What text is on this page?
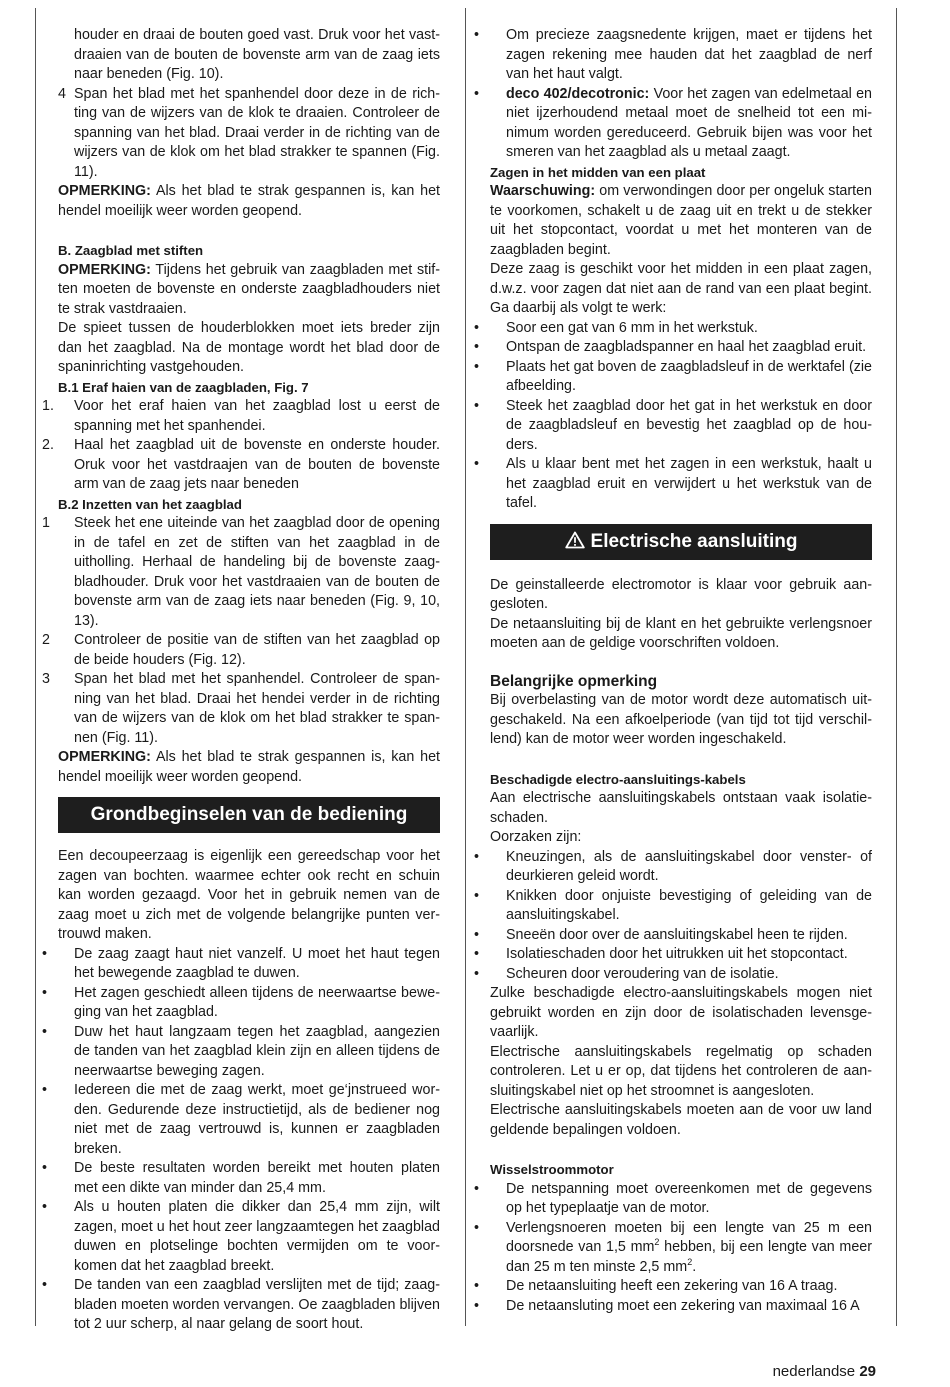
houder en draai de bouten goed vast. Druk voor het vastdraaien van de bouten de bovenste arm van de zaag iets naar beneden (Fig. 10).

4 Span het blad met het spanhendel door deze in de richting van de wijzers van de klok te draaien. Controleer de spanning van het blad. Draai verder in de richting van de wijzers van de klok om het blad strakker te spannen (Fig. 11).

OPMERKING: Als het blad te strak gespannen is, kan het hendel moeilijk weer worden geopend.

B. Zaagblad met stiften

OPMERKING: Tijdens het gebruik van zaagbladen met stiften moeten de bovenste en onderste zaagbladhouders niet te strak vastdraaien.

De spieet tussen de houderblokken moet iets breder zijn dan het zaagblad. Na de montage wordt het blad door de spaninrichting vastgehouden.

B.1 Eraf haien van de zaagbladen, Fig. 7

1. Voor het eraf haien van het zaagblad lost u eerst de spanning met het spanhendei.

2. Haal het zaagblad uit de bovenste en onderste houder. Oruk voor het vastdraajen van de bouten de bovenste arm van de zaag jets naar beneden

B.2 Inzetten van het zaagblad

1 Steek het ene uiteinde van het zaagblad door de opening in de tafel en zet de stiften van het zaagblad in de uitholling. Herhaal de handeling bij de bovenste zaagbladhouder. Druk voor het vastdraaien van de bouten de bovenste arm van de zaag iets naar beneden (Fig. 9, 10, 13).

2 Controleer de positie van de stiften van het zaagblad op de beide houders (Fig. 12).

3 Span het blad met het spanhendel. Controleer de spanning van het blad. Draai het hendei verder in de richting van de wijzers van de klok om het blad strakker te spannen (Fig. 11).

OPMERKING: Als het blad te strak gespannen is, kan het hendel moeilijk weer worden geopend.

Grondbeginselen van de bediening

Een decoupeerzaag is eigenlijk een gereedschap voor het zagen van bochten. waarmee echter ook recht en schuin kan worden gezaagd. Voor het in gebruik nemen van de zaag moet u zich met de volgende belangrijke punten vertrouwd maken.

• De zaag zaagt haut niet vanzelf. U moet het haut tegen het bewegende zaagblad te duwen.

• Het zagen geschiedt alleen tijdens de neerwaartse beweging van het zaagblad.

• Duw het haut langzaam tegen het zaagblad, aangezien de tanden van het zaagblad klein zijn en alleen tijdens de neerwaartse beweging zagen.

• Iedereen die met de zaag werkt, moet ge‘jnstrueed worden. Gedurende deze instructietijd, als de bediener nog niet met de zaag vertrouwd is, kunnen er zaagbladen breken.

• De beste resultaten worden bereikt met houten platen met een dikte van minder dan 25,4 mm.

• Als u houten platen die dikker dan 25,4 mm zijn, wilt zagen, moet u het hout zeer langzaamtegen het zaagblad duwen en plotselinge bochten vermijden om te voorkomen dat het zaagblad breekt.

• De tanden van een zaagblad verslijten met de tijd; zaagbladen moeten worden vervangen. Oe zaagbladen blijven tot 2 uur scherp, al naar gelang de soort hout.

• Om precieze zaagsnedente krijgen, maet er tijdens het zagen rekening mee hauden dat het zaagblad de nerf van het haut valgt.

• deco 402/decotronic: Voor het zagen van edelmetaal en niet ijzerhoudend metaal moet de snelheid tot een minimum worden gereduceerd. Gebruik bijen was voor het smeren van het zaagblad als u metaal zaagt.

Zagen in het midden van een plaat

Waarschuwing: om verwondingen door per ongeluk starten te voorkomen, schakelt u de zaag uit en trekt u de stekker uit het stopcontact, voordat u met het monteren van de zaagbladen begint.

Deze zaag is geschikt voor het midden in een plaat zagen, d.w.z. voor zagen dat niet aan de rand van een plaat begint. Ga daarbij als volgt te werk:

• Soor een gat van 6 mm in het werkstuk.

• Ontspan de zaagbladspanner en haal het zaagblad eruit.

• Plaats het gat boven de zaagbladsleuf in de werktafel (zie afbeelding.

• Steek het zaagblad door het gat in het werkstuk en door de zaagbladsleuf en bevestig het zaagblad op de houders.

• Als u klaar bent met het zagen in een werkstuk, haalt u het zaagblad eruit en verwijdert u het werkstuk van de tafel.

Electrische aansluiting

De geinstalleerde electromotor is klaar voor gebruik aangesloten.

De netaansluiting bij de klant en het gebruikte verlengsnoer moeten aan de geldige voorschriften voldoen.

Belangrijke opmerking

Bij overbelasting van de motor wordt deze automatisch uitgeschakeld. Na een afkoelperiode (van tijd tot tijd verschillend) kan de motor weer worden ingeschakeld.

Beschadigde electro-aansluitings-kabels

Aan electrische aansluitingskabels ontstaan vaak isolatieschaden.

Oorzaken zijn:

• Kneuzingen, als de aansluitingskabel door venster- of deurkieren geleid wordt.

• Knikken door onjuiste bevestiging of geleiding van de aansluitingskabel.

• Sneeën door over de aansluitingskabel heen te rijden.

• Isolatieschaden door het uitrukken uit het stopcontact.

• Scheuren door veroudering van de isolatie.

Zulke beschadigde electro-aansluitingskabels mogen niet gebruikt worden en zijn door de isolatischaden levensgevaarlijk.

Electrische aansluitingskabels regelmatig op schaden controleren. Let u er op, dat tijdens het controleren de aansluitingskabel niet op het stroomnet is aangesloten.

Electrische aansluitingskabels moeten aan de voor uw land geldende bepalingen voldoen.

Wisselstroommotor

• De netspanning moet overeenkomen met de gegevens op het typeplaatje van de motor.

• Verlengsnoeren moeten bij een lengte van 25 m een doorsnede van 1,5 $mm^2$ hebben, bij een lengte van meer dan 25 m ten minste 2,5 $mm^2$.

• De netaansluiting heeft een zekering van 16 A traag.

• De netaansluting moet een zekering van maximaal 16 A

nederlandse 29
